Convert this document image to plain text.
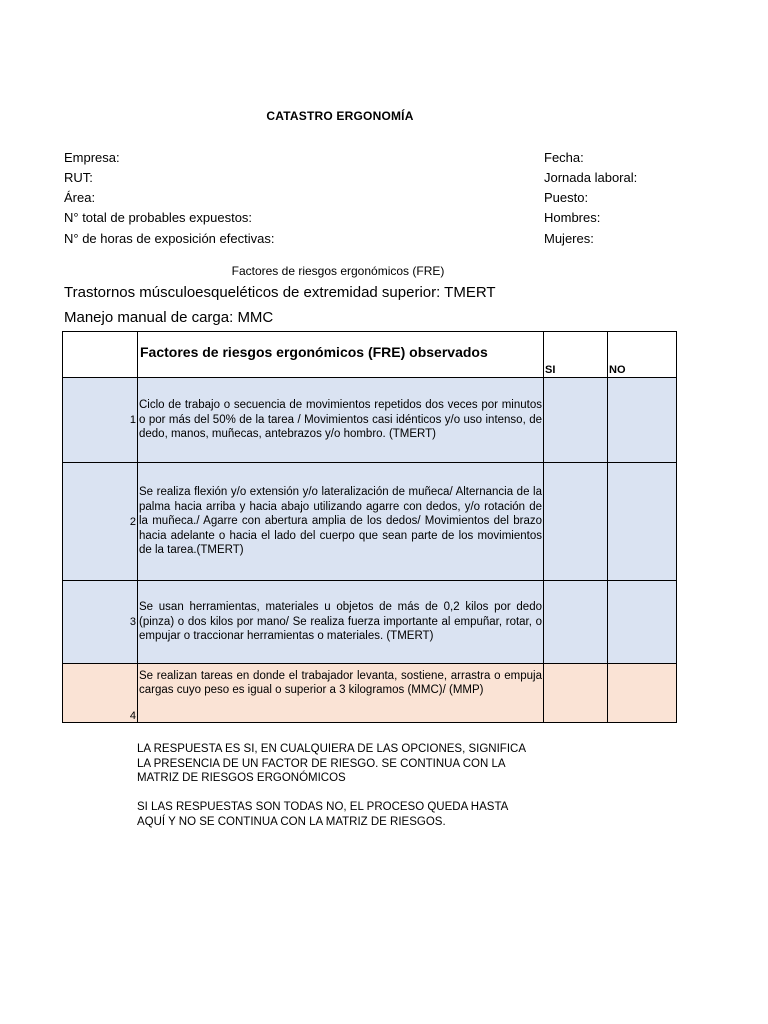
CATASTRO ERGONOMÍA
Empresa:
RUT:
Área:
N° total de probables expuestos:
N° de horas de exposición efectivas:
Fecha:
Jornada laboral:
Puesto:
Hombres:
Mujeres:
Factores de riesgos ergonómicos (FRE)
Trastornos músculoesqueléticos de extremidad superior: TMERT
Manejo manual de carga: MMC
	Factores de riesgos ergonómicos (FRE) observados	SI	NO
1	Ciclo de trabajo o secuencia de movimientos repetidos dos veces por minutos o por más del 50% de la tarea / Movimientos casi idénticos y/o uso intenso, de dedo, manos, muñecas, antebrazos y/o hombro. (TMERT)		
2	Se realiza flexión y/o extensión y/o lateralización de muñeca/ Alternancia de la palma hacia arriba y hacia abajo utilizando agarre con dedos, y/o rotación de la muñeca./ Agarre con abertura amplia de los dedos/ Movimientos del brazo hacia adelante o hacia el lado del cuerpo que sean parte de los movimientos de la tarea.(TMERT)		
3	Se usan herramientas, materiales u objetos de más de 0,2 kilos por dedo (pinza) o dos kilos por mano/ Se realiza fuerza importante al empuñar, rotar, o empujar o traccionar herramientas o materiales. (TMERT)		
4	Se realizan tareas en donde el trabajador levanta, sostiene, arrastra o empuja cargas cuyo peso es igual o superior a 3 kilogramos (MMC)/ (MMP)		
LA RESPUESTA ES SI, EN CUALQUIERA DE LAS OPCIONES, SIGNIFICA LA PRESENCIA DE UN FACTOR DE RIESGO. SE CONTINUA CON LA MATRIZ DE RIESGOS ERGONÓMICOS
SI LAS RESPUESTAS SON TODAS NO, EL PROCESO QUEDA HASTA AQUÍ Y NO SE CONTINUA CON LA MATRIZ DE RIESGOS.
